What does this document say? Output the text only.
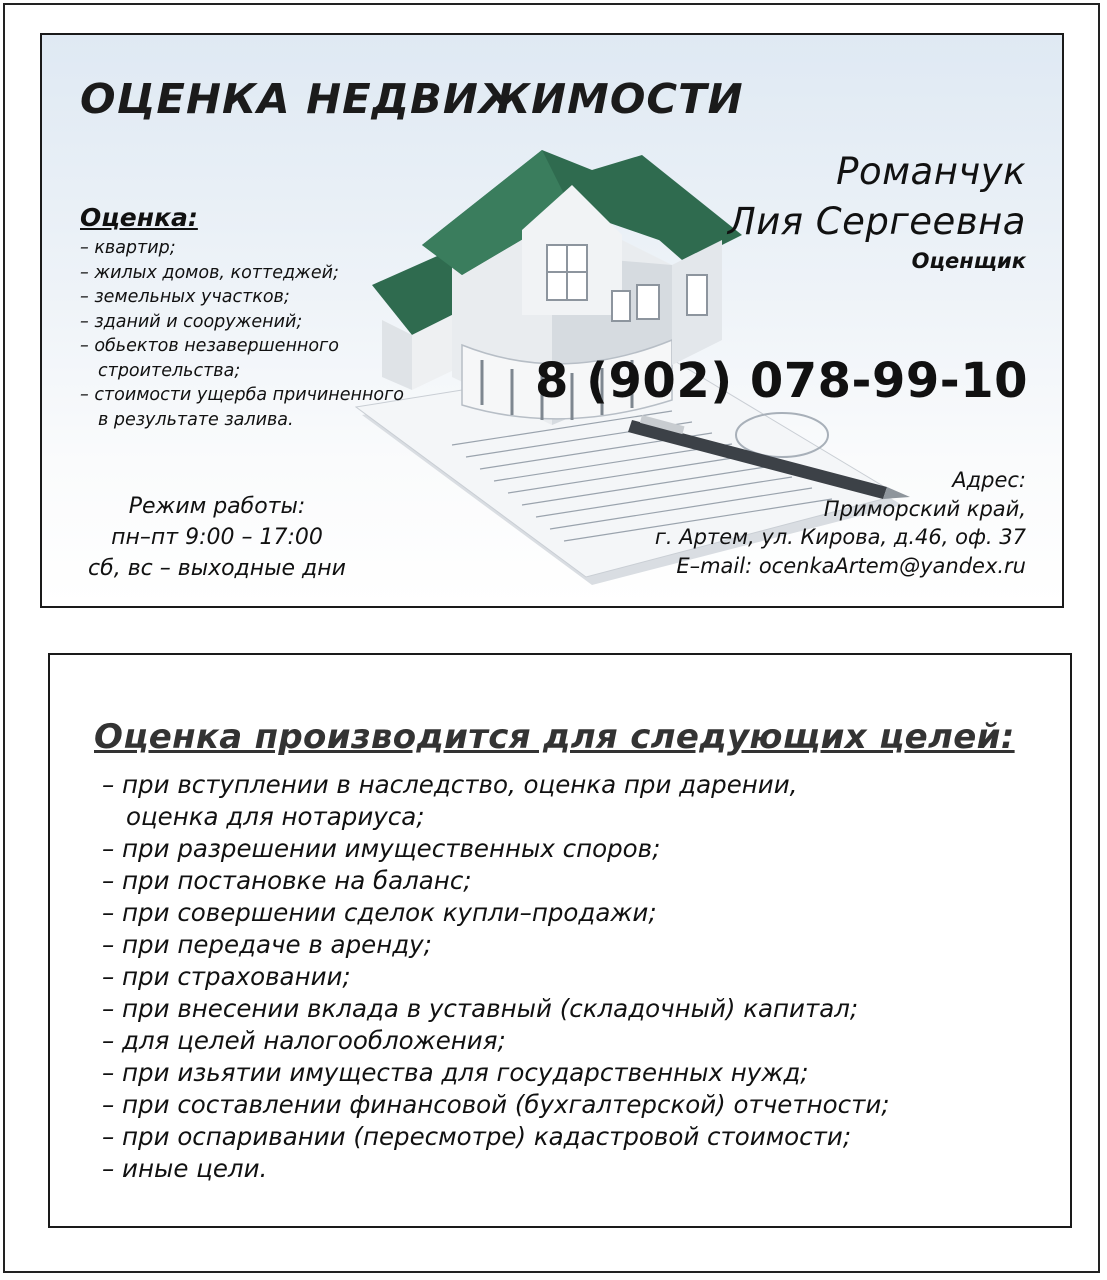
ОЦЕНКА НЕДВИЖИМОСТИ
Оценка:
– квартир;
– жилых домов, коттеджей;
– земельных участков;
– зданий и сооружений;
– обьектов незавершенного
строительства;
– стоимости ущерба причиненного
в результате залива.
Режим работы:
пн–пт 9:00 – 17:00
сб, вс – выходные дни
Романчук
Лия Сергеевна
Оценщик
8 (902) 078-99-10
Адрес:
Приморский край,
г. Артем, ул. Кирова, д.46, оф. 37
E–mail: ocenkaArtem@yandex.ru
Оценка производится для следующих целей:
– при вступлении в наследство, оценка при дарении,
оценка для нотариуса;
– при разрешении имущественных споров;
– при постановке на баланс;
– при совершении сделок купли–продажи;
– при передаче в аренду;
– при страховании;
– при внесении вклада в уставный (складочный) капитал;
– для целей налогообложения;
– при изьятии имущества для государственных нужд;
– при составлении финансовой (бухгалтерской) отчетности;
– при оспаривании (пересмотре) кадастровой стоимости;
– иные цели.
